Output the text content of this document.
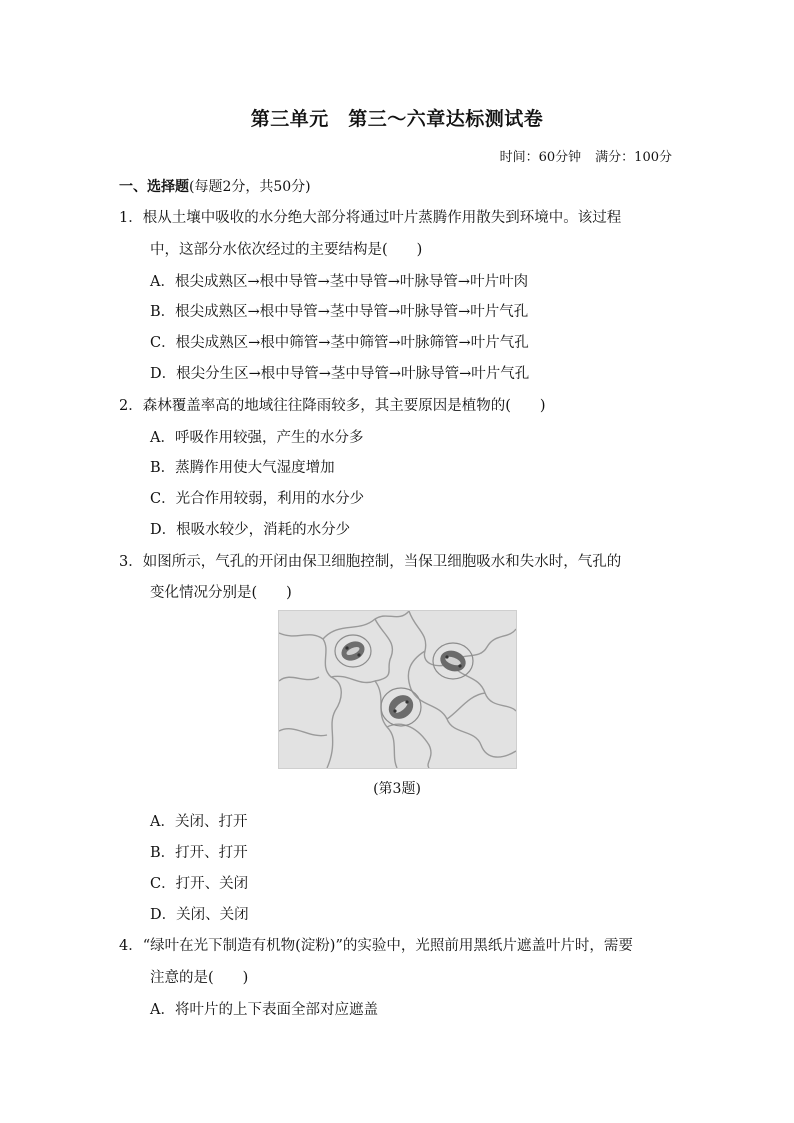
第三单元　第三～六章达标测试卷
时间：60分钟 满分：100分
一、选择题(每题2分，共50分)
1．根从土壤中吸收的水分绝大部分将通过叶片蒸腾作用散失到环境中。该过程
中，这部分水依次经过的主要结构是(　　)
A．根尖成熟区→根中导管→茎中导管→叶脉导管→叶片叶肉
B．根尖成熟区→根中导管→茎中导管→叶脉导管→叶片气孔
C．根尖成熟区→根中筛管→茎中筛管→叶脉筛管→叶片气孔
D．根尖分生区→根中导管→茎中导管→叶脉导管→叶片气孔
2．森林覆盖率高的地域往往降雨较多，其主要原因是植物的(　　)
A．呼吸作用较强，产生的水分多
B．蒸腾作用使大气湿度增加
C．光合作用较弱，利用的水分少
D．根吸水较少，消耗的水分少
3．如图所示，气孔的开闭由保卫细胞控制，当保卫细胞吸水和失水时，气孔的
变化情况分别是(　　)
(第3题)
A．关闭、打开
B．打开、打开
C．打开、关闭
D．关闭、关闭
4．“绿叶在光下制造有机物(淀粉)”的实验中，光照前用黑纸片遮盖叶片时，需要
注意的是(　　)
A．将叶片的上下表面全部对应遮盖
